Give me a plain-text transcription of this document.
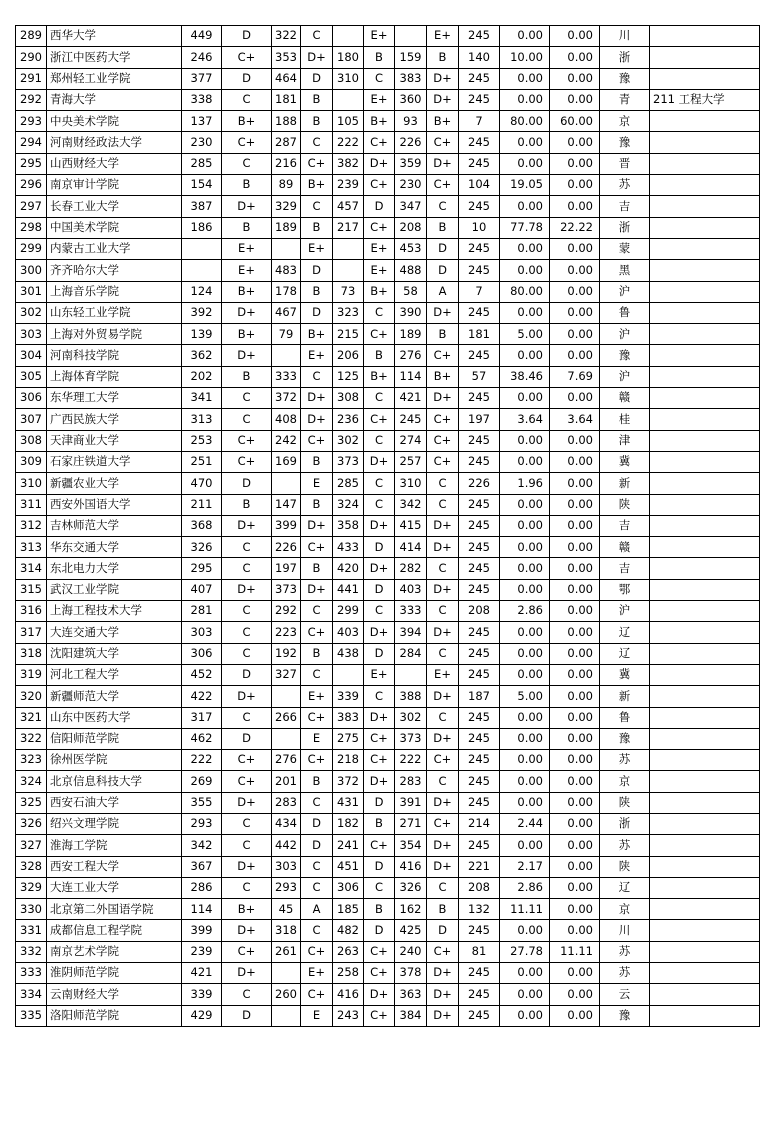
289	西华大学	449	D	322	C		E+		E+	245	0.00	0.00	川	
290	浙江中医药大学	246	C+	353	D+	180	B	159	B	140	10.00	0.00	浙	
291	郑州轻工业学院	377	D	464	D	310	C	383	D+	245	0.00	0.00	豫	
292	青海大学	338	C	181	B		E+	360	D+	245	0.00	0.00	青	211 工程大学
293	中央美术学院	137	B+	188	B	105	B+	93	B+	7	80.00	60.00	京	
294	河南财经政法大学	230	C+	287	C	222	C+	226	C+	245	0.00	0.00	豫	
295	山西财经大学	285	C	216	C+	382	D+	359	D+	245	0.00	0.00	晋	
296	南京审计学院	154	B	89	B+	239	C+	230	C+	104	19.05	0.00	苏	
297	长春工业大学	387	D+	329	C	457	D	347	C	245	0.00	0.00	吉	
298	中国美术学院	186	B	189	B	217	C+	208	B	10	77.78	22.22	浙	
299	内蒙古工业大学		E+		E+		E+	453	D	245	0.00	0.00	蒙	
300	齐齐哈尔大学		E+	483	D		E+	488	D	245	0.00	0.00	黑	
301	上海音乐学院	124	B+	178	B	73	B+	58	A	7	80.00	0.00	沪	
302	山东轻工业学院	392	D+	467	D	323	C	390	D+	245	0.00	0.00	鲁	
303	上海对外贸易学院	139	B+	79	B+	215	C+	189	B	181	5.00	0.00	沪	
304	河南科技学院	362	D+		E+	206	B	276	C+	245	0.00	0.00	豫	
305	上海体育学院	202	B	333	C	125	B+	114	B+	57	38.46	7.69	沪	
306	东华理工大学	341	C	372	D+	308	C	421	D+	245	0.00	0.00	赣	
307	广西民族大学	313	C	408	D+	236	C+	245	C+	197	3.64	3.64	桂	
308	天津商业大学	253	C+	242	C+	302	C	274	C+	245	0.00	0.00	津	
309	石家庄铁道大学	251	C+	169	B	373	D+	257	C+	245	0.00	0.00	冀	
310	新疆农业大学	470	D		E	285	C	310	C	226	1.96	0.00	新	
311	西安外国语大学	211	B	147	B	324	C	342	C	245	0.00	0.00	陕	
312	吉林师范大学	368	D+	399	D+	358	D+	415	D+	245	0.00	0.00	吉	
313	华东交通大学	326	C	226	C+	433	D	414	D+	245	0.00	0.00	赣	
314	东北电力大学	295	C	197	B	420	D+	282	C	245	0.00	0.00	吉	
315	武汉工业学院	407	D+	373	D+	441	D	403	D+	245	0.00	0.00	鄂	
316	上海工程技术大学	281	C	292	C	299	C	333	C	208	2.86	0.00	沪	
317	大连交通大学	303	C	223	C+	403	D+	394	D+	245	0.00	0.00	辽	
318	沈阳建筑大学	306	C	192	B	438	D	284	C	245	0.00	0.00	辽	
319	河北工程大学	452	D	327	C		E+		E+	245	0.00	0.00	冀	
320	新疆师范大学	422	D+		E+	339	C	388	D+	187	5.00	0.00	新	
321	山东中医药大学	317	C	266	C+	383	D+	302	C	245	0.00	0.00	鲁	
322	信阳师范学院	462	D		E	275	C+	373	D+	245	0.00	0.00	豫	
323	徐州医学院	222	C+	276	C+	218	C+	222	C+	245	0.00	0.00	苏	
324	北京信息科技大学	269	C+	201	B	372	D+	283	C	245	0.00	0.00	京	
325	西安石油大学	355	D+	283	C	431	D	391	D+	245	0.00	0.00	陕	
326	绍兴文理学院	293	C	434	D	182	B	271	C+	214	2.44	0.00	浙	
327	淮海工学院	342	C	442	D	241	C+	354	D+	245	0.00	0.00	苏	
328	西安工程大学	367	D+	303	C	451	D	416	D+	221	2.17	0.00	陕	
329	大连工业大学	286	C	293	C	306	C	326	C	208	2.86	0.00	辽	
330	北京第二外国语学院	114	B+	45	A	185	B	162	B	132	11.11	0.00	京	
331	成都信息工程学院	399	D+	318	C	482	D	425	D	245	0.00	0.00	川	
332	南京艺术学院	239	C+	261	C+	263	C+	240	C+	81	27.78	11.11	苏	
333	淮阴师范学院	421	D+		E+	258	C+	378	D+	245	0.00	0.00	苏	
334	云南财经大学	339	C	260	C+	416	D+	363	D+	245	0.00	0.00	云	
335	洛阳师范学院	429	D		E	243	C+	384	D+	245	0.00	0.00	豫	
